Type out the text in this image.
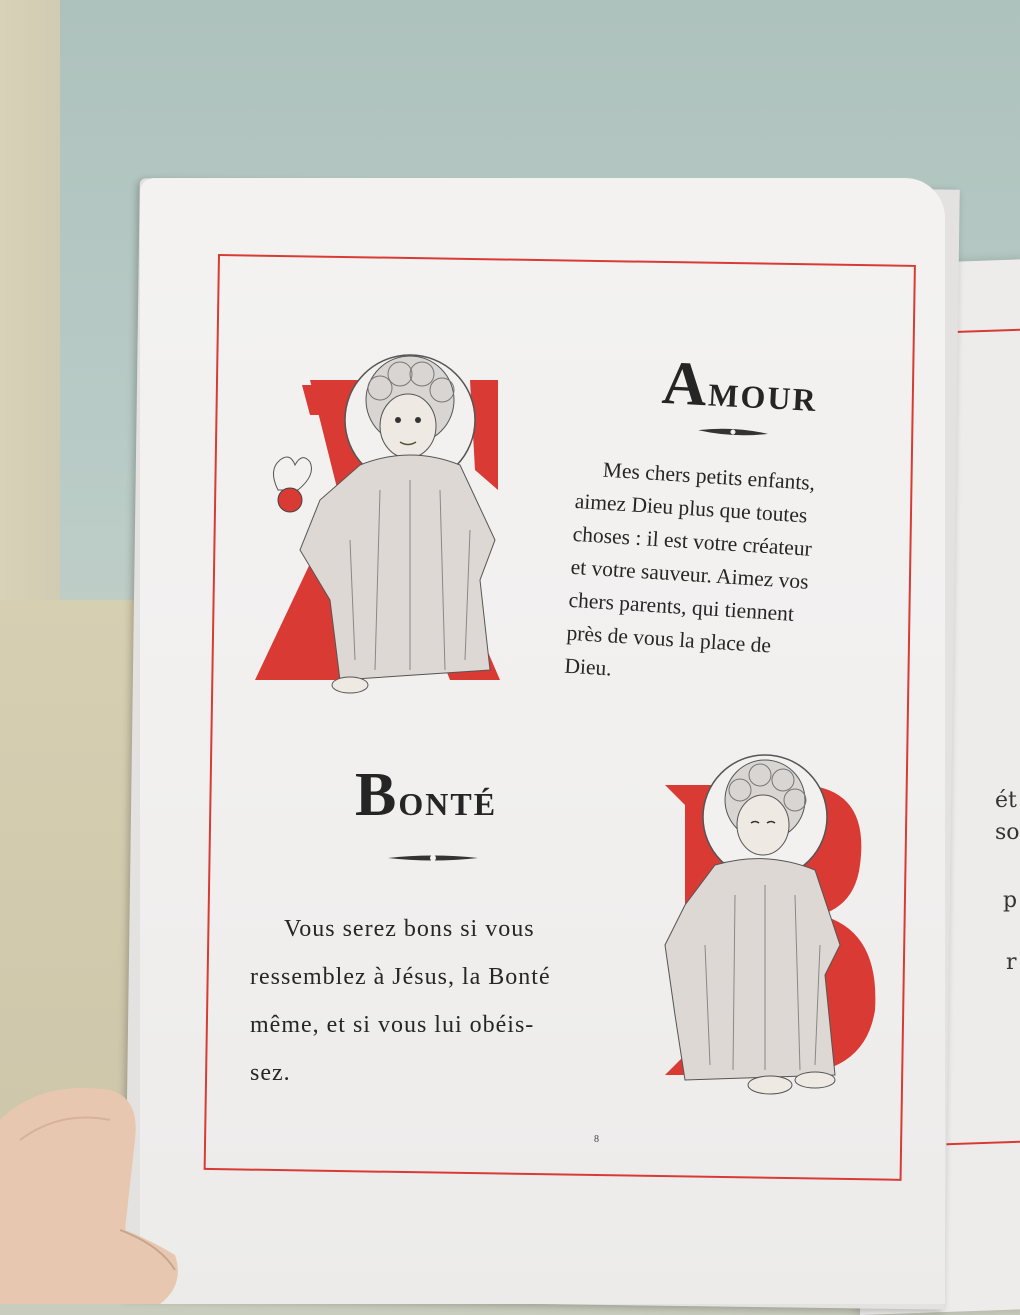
ét
so
p
r
AMOUR
Mes chers petits enfants,
aimez Dieu plus que toutes
choses : il est votre créateur
et votre sauveur. Aimez vos
chers parents, qui tiennent
près de vous la place de
Dieu.
BONTÉ
Vous serez bons si vous
ressemblez à Jésus, la Bonté
même, et si vous lui obéis-
sez.
8
